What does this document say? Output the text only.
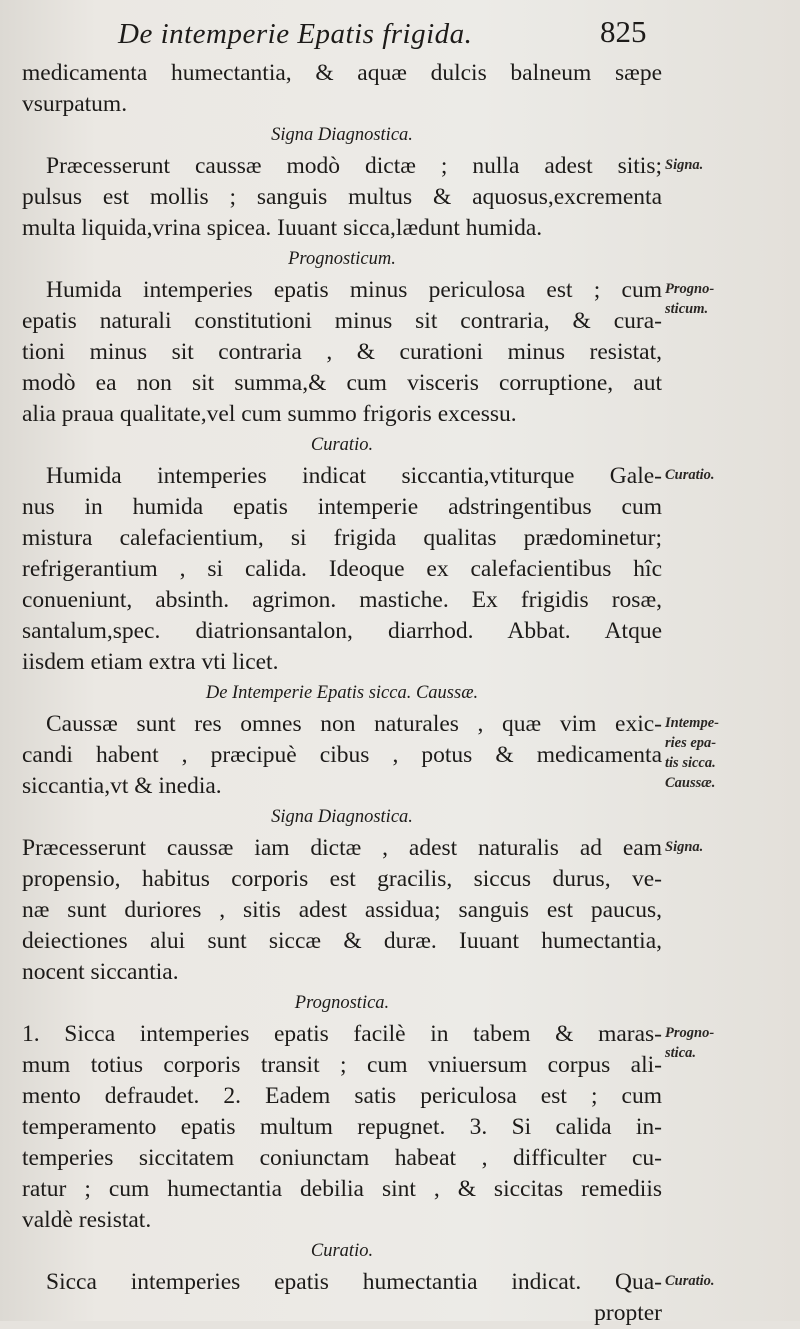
De intemperie Epatis frigida.	825
medicamenta humectantia, & aquæ dulcis balneum sæpe
vsurpatum.
Signa Diagnostica.
Præcesserunt caussæ modò dictæ ; nulla adest sitis;
pulsus est mollis ; sanguis multus & aquosus,excrementa
multa liquida,vrina spicea. Iuuant sicca,lædunt humida.
Prognosticum.
Humida intemperies epatis minus periculosa est ; cum
epatis naturali constitutioni minus sit contraria, & cura-
tioni minus sit contraria , & curationi minus resistat,
modò ea non sit summa,& cum visceris corruptione, aut
alia praua qualitate,vel cum summo frigoris excessu.
Curatio.
Humida intemperies indicat siccantia,vtiturque Gale-
nus in humida epatis intemperie adstringentibus cum
mistura calefacientium, si frigida qualitas prædominetur;
refrigerantium , si calida. Ideoque ex calefacientibus hîc
conueniunt, absinth. agrimon. mastiche. Ex frigidis rosæ,
santalum,spec. diatrionsantalon, diarrhod. Abbat. Atque
iisdem etiam extra vti licet.
De Intemperie Epatis sicca. Caussæ.
Caussæ sunt res omnes non naturales , quæ vim exic-
candi habent , præcipuè cibus , potus & medicamenta
siccantia,vt & inedia.
Signa Diagnostica.
Præcesserunt caussæ iam dictæ , adest naturalis ad eam
propensio, habitus corporis est gracilis, siccus durus, ve-
næ sunt duriores , sitis adest assidua; sanguis est paucus,
deiectiones alui sunt siccæ & duræ. Iuuant humectantia,
nocent siccantia.
Prognostica.
1. Sicca intemperies epatis facilè in tabem & maras-
mum totius corporis transit ; cum vniuersum corpus ali-
mento defraudet. 2. Eadem satis periculosa est ; cum
temperamento epatis multum repugnet. 3. Si calida in-
temperies siccitatem coniunctam habeat , difficulter cu-
ratur ; cum humectantia debilia sint , & siccitas remediis
valdè resistat.
Curatio.
Sicca intemperies epatis humectantia indicat. Qua-
propter
Signa.
Progno-
sticum.
Curatio.
Intempe-
ries epa-
tis sicca.
Caussæ.
Signa.
Progno-
stica.
Curatio.
